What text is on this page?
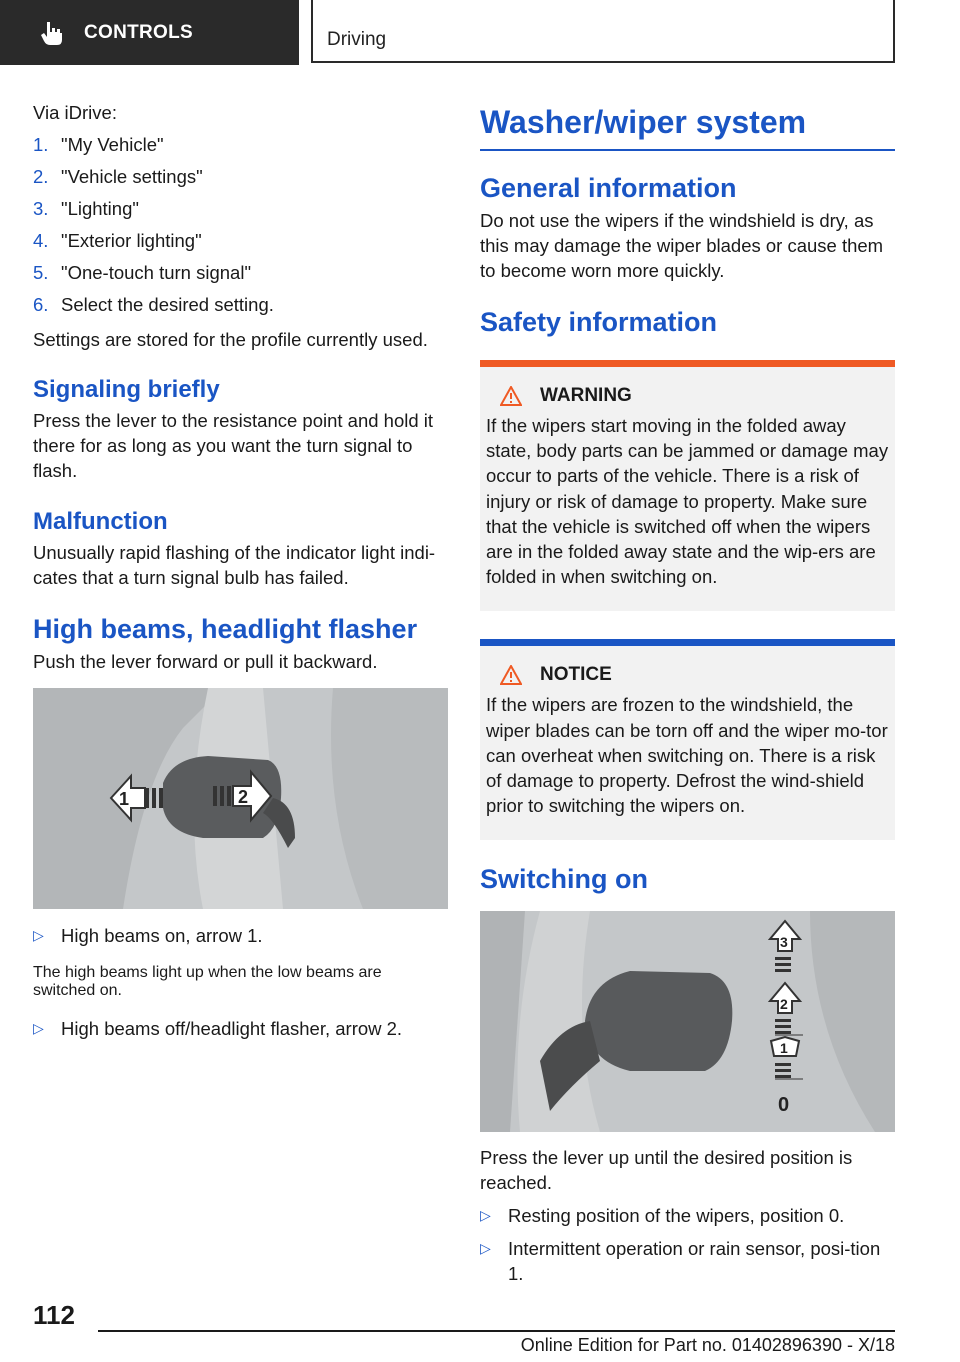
CONTROLS	Driving

Via iDrive:

1. "My Vehicle"
2. "Vehicle settings"
3. "Lighting"
4. "Exterior lighting"
5. "One-touch turn signal"
6. Select the desired setting.

Settings are stored for the profile currently used.

Signaling briefly

Press the lever to the resistance point and hold it there for as long as you want the turn signal to flash.

Malfunction

Unusually rapid flashing of the indicator light indi-cates that a turn signal bulb has failed.

High beams, headlight flasher

Push the lever forward or pull it backward.

1	2
▷ High beams on, arrow 1.

The high beams light up when the low beams are switched on.

▷ High beams off/headlight flasher, arrow 2.
Washer/wiper system
General information

Do not use the wipers if the windshield is dry, as this may damage the wiper blades or cause them to become worn more quickly.

Safety information
WARNING

If the wipers start moving in the folded away state, body parts can be jammed or damage may occur to parts of the vehicle. There is a risk of injury or risk of damage to property. Make sure that the vehicle is switched off when the wipers are in the folded away state and the wip-ers are folded in when switching on.

NOTICE

If the wipers are frozen to the windshield, the wiper blades can be torn off and the wiper mo-tor can overheat when switching on. There is a risk of damage to property. Defrost the wind-shield prior to switching the wipers on.

Switching on
3
2
1
0

Press the lever up until the desired position is reached.

▷ Resting position of the wipers, position 0.
▷ Intermittent operation or rain sensor, posi-tion 1.
112
Online Edition for Part no. 01402896390 - X/18
